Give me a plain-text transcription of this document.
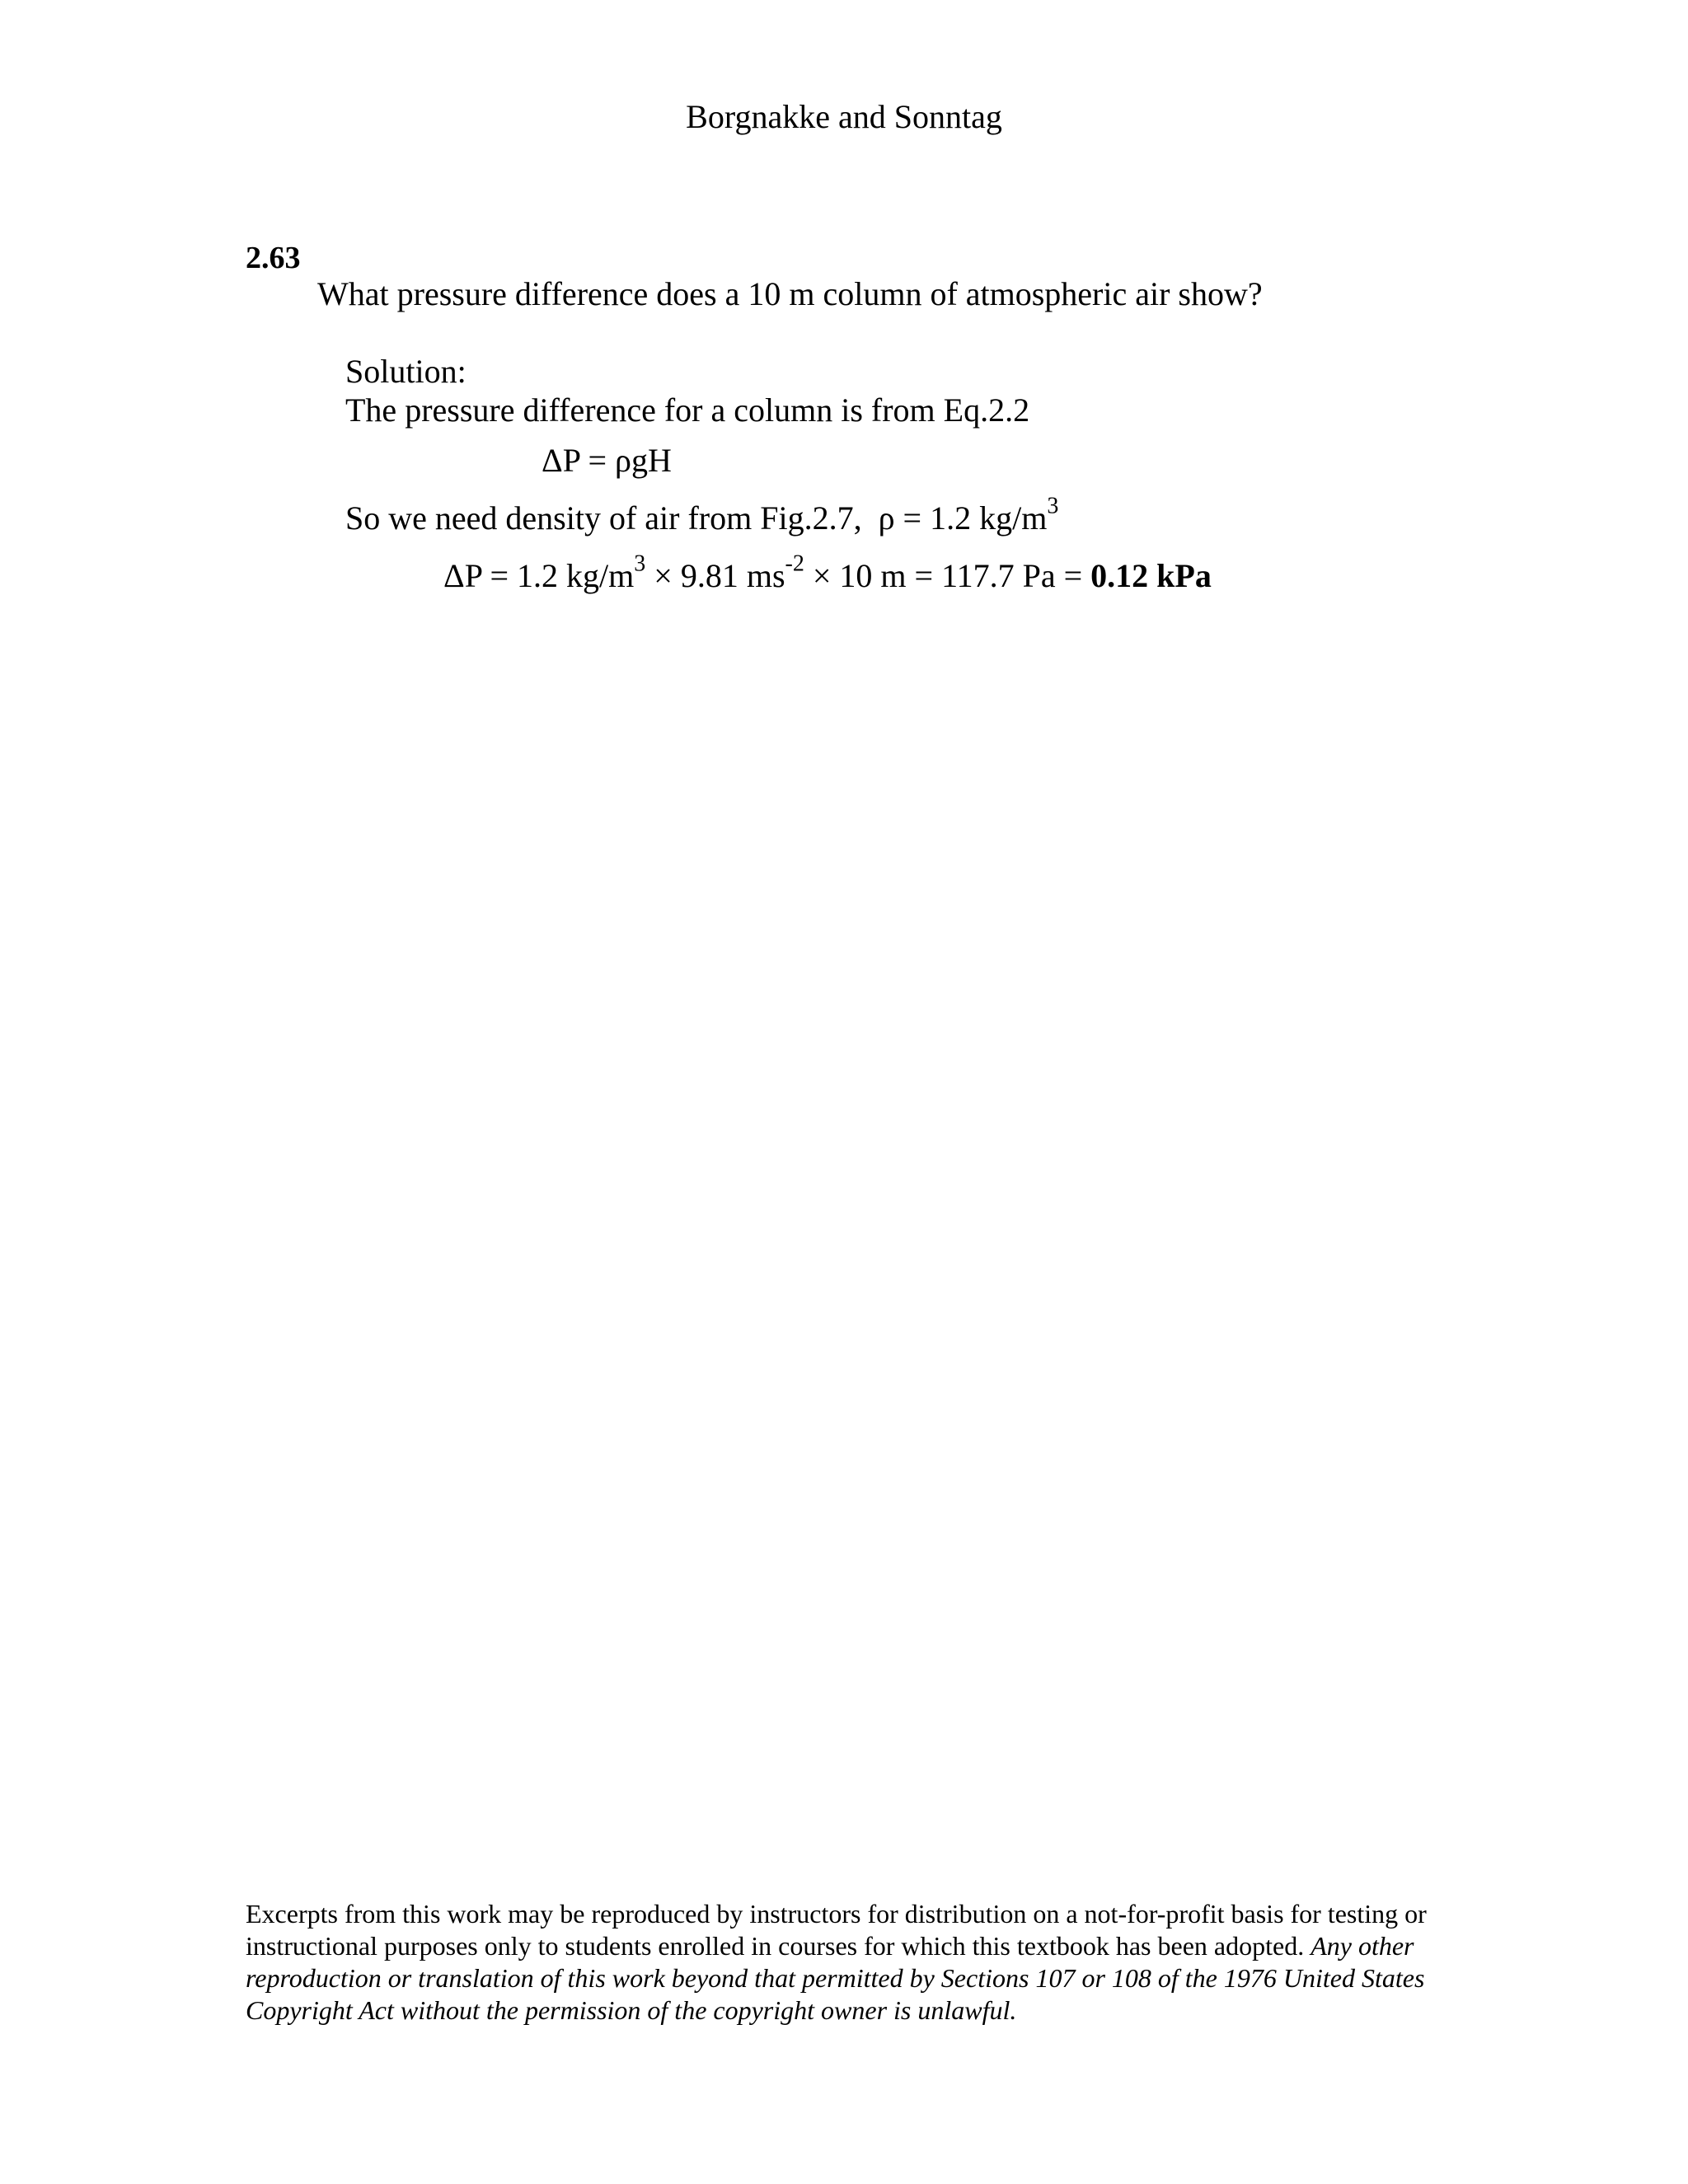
Borgnakke and Sonntag
2.63
What pressure difference does a 10 m column of atmospheric air show?
Solution:
The pressure difference for a column is from Eq.2.2
ΔP = ρgH
So we need density of air from Fig.2.7, ρ = 1.2 $kg/m^3$
ΔP = 1.2 $kg/m^3 \times 9.81$ $ms^{-2} \times 10$ m = 117.7 Pa = 0.12 kPa

Excerpts from this work may be reproduced by instructors for distribution on a not-for-profit basis for testing or instructional purposes only to students enrolled in courses for which this textbook has been adopted. Any other reproduction or translation of this work beyond that permitted by Sections 107 or 108 of the 1976 United States Copyright Act without the permission of the copyright owner is unlawful.
